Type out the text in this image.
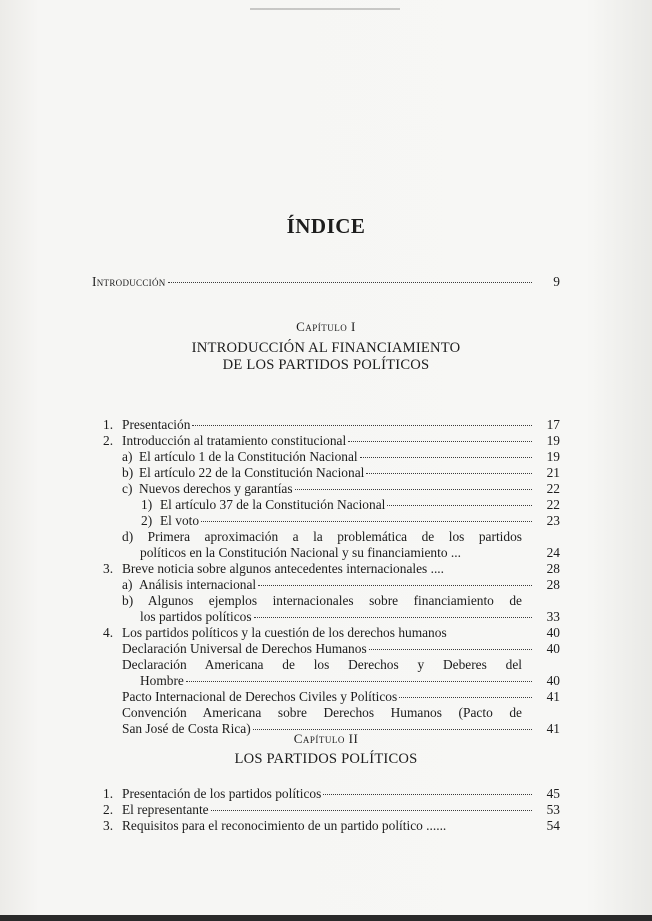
ÍNDICE
Introducción	9
Capítulo I
INTRODUCCIÓN AL FINANCIAMIENTO
DE LOS PARTIDOS POLÍTICOS
1. Presentación	17
2. Introducción al tratamiento constitucional	19
a) El artículo 1 de la Constitución Nacional	19
b) El artículo 22 de la Constitución Nacional	21
c) Nuevos derechos y garantías	22
1) El artículo 37 de la Constitución Nacional	22
2) El voto	23
d) Primera aproximación a la problemática de los partidos
políticos en la Constitución Nacional y su financiamiento ...	24
3. Breve noticia sobre algunos antecedentes internacionales ....	28
a) Análisis internacional	28
b) Algunos ejemplos internacionales sobre financiamiento de
los partidos políticos	33
4. Los partidos políticos y la cuestión de los derechos humanos	40
Declaración Universal de Derechos Humanos	40
Declaración Americana de los Derechos y Deberes del
Hombre	40
Pacto Internacional de Derechos Civiles y Políticos	41
Convención Americana sobre Derechos Humanos (Pacto de
San José de Costa Rica)	41
Capítulo II
LOS PARTIDOS POLÍTICOS
1. Presentación de los partidos políticos	45
2. El representante	53
3. Requisitos para el reconocimiento de un partido político ......	54
